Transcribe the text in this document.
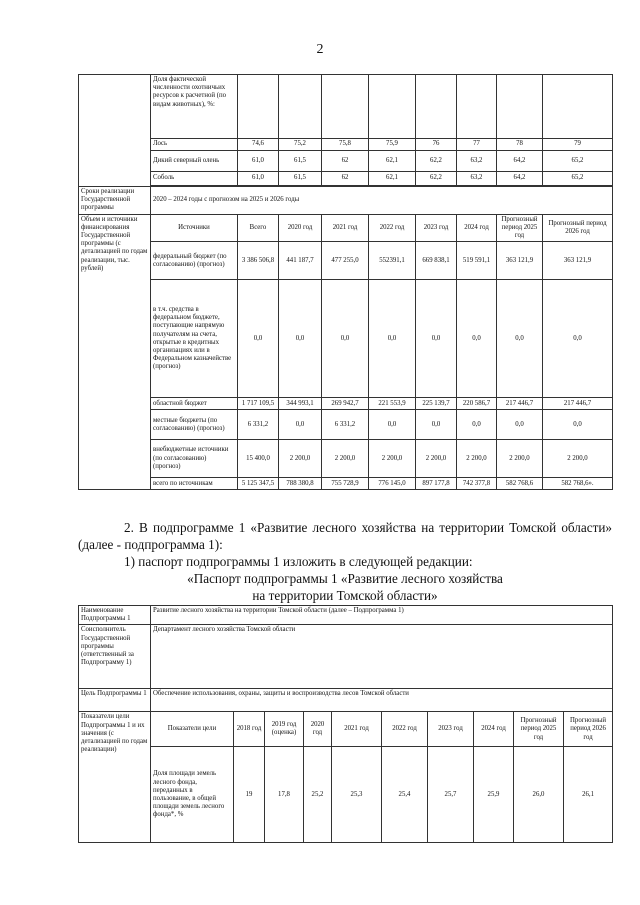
2
	Доля фактической численности охотничьих ресурсов к расчетной (по видам животных), %:									
	Лось	74,6	75,2	75,8	75,9	76	77	78	79	
	Дикий северный олень	61,0	61,5	62	62,1	62,2	63,2	64,2	65,2	
	Соболь	61,0	61,5	62	62,1	62,2	63,2	64,2	65,2	

Сроки реализации Государственной программы	2020 – 2024 годы с прогнозом на 2025 и 2026 годы									
Объем и источники финансирования Государственной программы (с детализацией по годам реализации, тыс. рублей)	Источники	Всего	2020 год	2021 год	2022 год	2023 год	2024 год	Прогнозный период 2025 год	Прогнозный период 2026 год	
	федеральный бюджет (по согласованию) (прогноз)	3 386 506,8	441 187,7	477 255,0	552391,1	669 838,1	519 591,1	363 121,9	363 121,9	
	в т.ч. средства в федеральном бюджете, поступающие напрямую получателям на счета, открытые в кредитных организациях или в Федеральном казначействе (прогноз)	0,0	0,0	0,0	0,0	0,0	0,0	0,0	0,0	
	областной бюджет	1 717 109,5	344 993,1	269 942,7	221 553,9	225 139,7	220 586,7	217 446,7	217 446,7	
	местные бюджеты (по согласованию) (прогноз)	6 331,2	0,0	6 331,2	0,0	0,0	0,0	0,0	0,0	
	внебюджетные источники (по согласованию) (прогноз)	15 400,0	2 200,0	2 200,0	2 200,0	2 200,0	2 200,0	2 200,0	2 200,0	
	всего по источникам	5 125 347,5	788 380,8	755 728,9	776 145,0	897 177,8	742 377,8	582 768,6	582 768,6».	
2. В подпрограмме 1 «Развитие лесного хозяйства на территории Томской области» (далее - подпрограмма 1):
1) паспорт подпрограммы 1 изложить в следующей редакции:
«Паспорт подпрограммы 1 «Развитие лесного хозяйства
на территории Томской области»
Наименование Подпрограммы 1	Развитие лесного хозяйства на территории Томской области (далее – Подпрограмма 1)									
Соисполнитель Государственной программы (ответственный за Подпрограмму 1)	Департамент лесного хозяйства Томской области									
Цель Подпрограммы 1	Обеспечение использования, охраны, защиты и воспроизводства лесов Томской области									
Показатели цели Подпрограммы 1 и их значения (с детализацией по годам реализации)	Показатели цели	2018 год	2019 год (оценка)	2020 год	2021 год	2022 год	2023 год	2024 год	Прогнозный период 2025 год	Прогнозный период 2026 год
	Доля площади земель лесного фонда, переданных в пользование, в общей площади земель лесного фонда*, %	19	17,8	25,2	25,3	25,4	25,7	25,9	26,0	26,1
